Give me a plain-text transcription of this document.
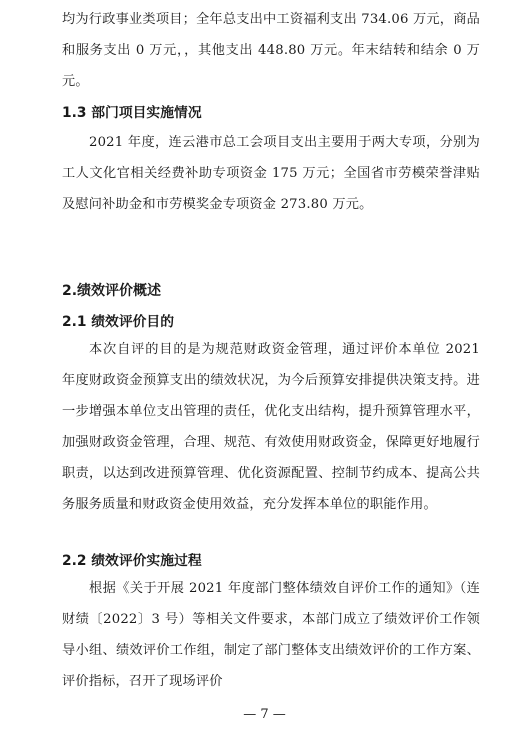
均为行政事业类项目；全年总支出中工资福利支出 734.06 万元，商品和服务支出 0 万元，，其他支出 448.80 万元。年末结转和结余 0 万元。

1.3 部门项目实施情况

2021 年度，连云港市总工会项目支出主要用于两大专项，分别为工人文化官相关经费补助专项资金 175 万元；全国省市劳模荣誉津贴及慰问补助金和市劳模奖金专项资金 273.80 万元。

2.绩效评价概述
2.1 绩效评价目的

本次自评的目的是为规范财政资金管理，通过评价本单位 2021 年度财政资金预算支出的绩效状况，为今后预算安排提供决策支持。进一步增强本单位支出管理的责任，优化支出结构，提升预算管理水平，加强财政资金管理，合理、规范、有效使用财政资金，保障更好地履行职责，以达到改进预算管理、优化资源配置、控制节约成本、提高公共务服务质量和财政资金使用效益，充分发挥本单位的职能作用。

2.2 绩效评价实施过程

根据《关于开展 2021 年度部门整体绩效自评价工作的通知》（连财绩〔2022〕3 号）等相关文件要求，本部门成立了绩效评价工作领导小组、绩效评价工作组，制定了部门整体支出绩效评价的工作方案、评价指标，召开了现场评价

— 7 —
